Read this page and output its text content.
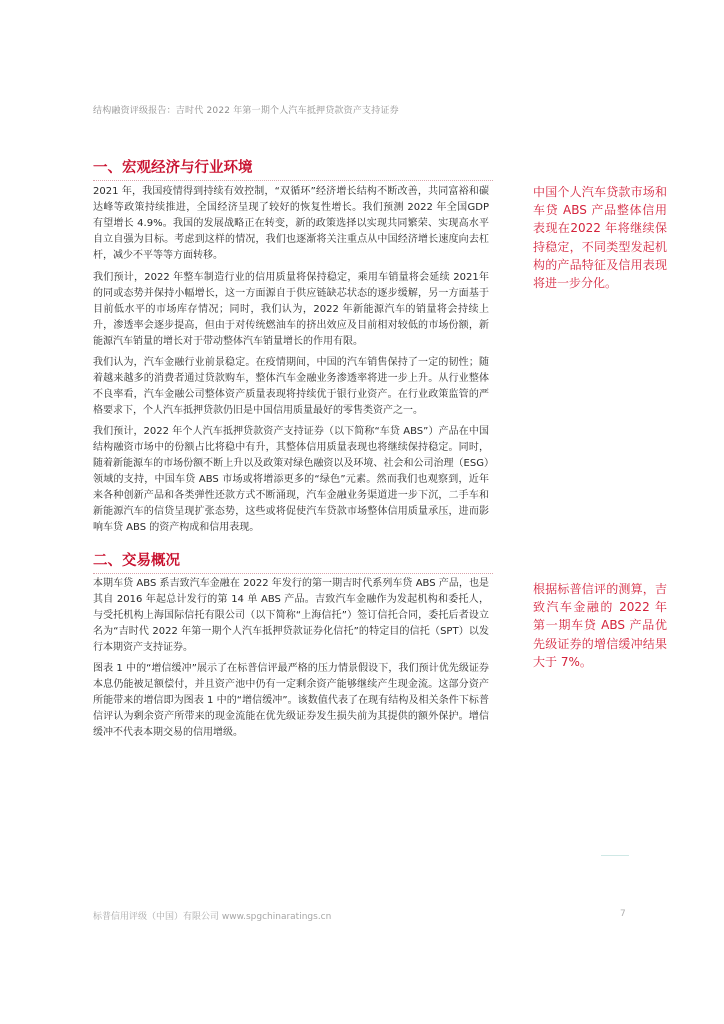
结构融资评级报告：吉时代 2022 年第一期个人汽车抵押贷款资产支持证券
一、宏观经济与行业环境

2021 年，我国疫情得到持续有效控制，“双循环”经济增长结构不断改善，共同富裕和碳达峰等政策持续推进，全国经济呈现了较好的恢复性增长。我们预测 2022 年全国GDP 有望增长 4.9%。我国的发展战略正在转变，新的政策选择以实现共同繁荣、实现高水平自立自强为目标。考虑到这样的情况，我们也逐渐将关注重点从中国经济增长速度向去杠杆，减少不平等等方面转移。

我们预计，2022 年整车制造行业的信用质量将保持稳定，乘用车销量将会延续 2021年的同或态势并保持小幅增长，这一方面源自于供应链缺芯状态的逐步缓解，另一方面基于目前低水平的市场库存情况；同时，我们认为，2022 年新能源汽车的销量将会持续上升，渗透率会逐步提高，但由于对传统燃油车的挤出效应及目前相对较低的市场份额，新能源汽车销量的增长对于带动整体汽车销量增长的作用有限。

我们认为，汽车金融行业前景稳定。在疫情期间，中国的汽车销售保持了一定的韧性；随着越来越多的消费者通过贷款购车，整体汽车金融业务渗透率将进一步上升。从行业整体不良率看，汽车金融公司整体资产质量表现将持续优于银行业资产。在行业政策监管的严格要求下，个人汽车抵押贷款仍旧是中国信用质量最好的零售类资产之一。

我们预计，2022 年个人汽车抵押贷款资产支持证券（以下简称“车贷 ABS”）产品在中国结构融资市场中的份额占比将稳中有升，其整体信用质量表现也将继续保持稳定。同时，随着新能源车的市场份额不断上升以及政策对绿色融资以及环境、社会和公司治理（ESG）领域的支持，中国车贷 ABS 市场或将增添更多的“绿色”元素。然而我们也观察到，近年来各种创新产品和各类弹性还款方式不断涌现，汽车金融业务渠道进一步下沉，二手车和新能源汽车的信贷呈现扩张态势，这些或将促使汽车贷款市场整体信用质量承压，进而影响车贷 ABS 的资产构成和信用表现。

中国个人汽车贷款市场和车贷 ABS 产品整体信用表现在2022 年将继续保持稳定，不同类型发起机构的产品特征及信用表现将进一步分化。

二、交易概况

本期车贷 ABS 系吉致汽车金融在 2022 年发行的第一期吉时代系列车贷 ABS 产品，也是其自 2016 年起总计发行的第 14 单 ABS 产品。吉致汽车金融作为发起机构和委托人，与受托机构上海国际信托有限公司（以下简称“上海信托”）签订信托合同，委托后者设立名为“吉时代 2022 年第一期个人汽车抵押贷款证券化信托”的特定目的信托（SPT）以发行本期资产支持证券。

图表 1 中的“增信缓冲”展示了在标普信评最严格的压力情景假设下，我们预计优先级证券本息仍能被足额偿付，并且资产池中仍有一定剩余资产能够继续产生现金流。这部分资产所能带来的增信即为图表 1 中的“增信缓冲”。该数值代表了在现有结构及相关条件下标普信评认为剩余资产所带来的现金流能在优先级证券发生损失前为其提供的额外保护。增信缓冲不代表本期交易的信用增级。

根据标普信评的测算，吉致汽车金融的 2022 年第一期车贷 ABS 产品优先级证券的增信缓冲结果大于 7%。

标普信用评级（中国）有限公司 www.spgchinaratings.cn	7
